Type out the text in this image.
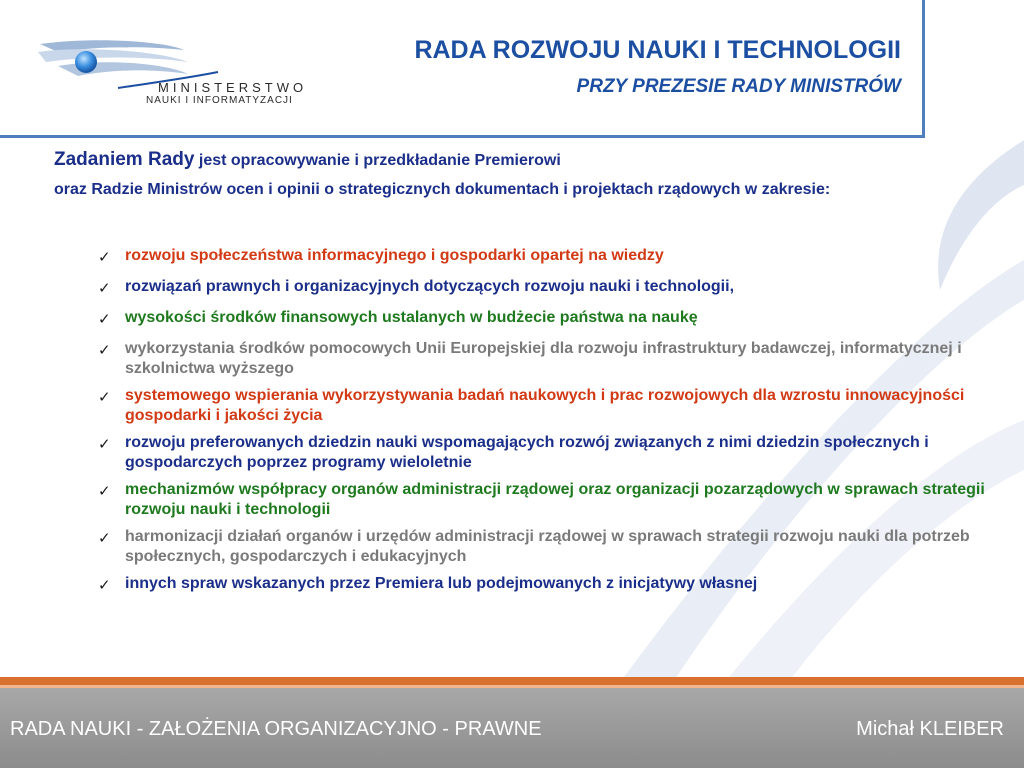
MINISTERSTWO
NAUKI I INFORMATYZACJI
RADA ROZWOJU NAUKI I TECHNOLOGII
PRZY PREZESIE RADY MINISTRÓW
Zadaniem Rady jest opracowywanie i przedkładanie Premierowi
oraz Radzie Ministrów ocen i opinii o strategicznych dokumentach i projektach rządowych w zakresie:
✓ rozwoju społeczeństwa informacyjnego i gospodarki opartej na wiedzy
✓ rozwiązań prawnych i organizacyjnych dotyczących rozwoju nauki i technologii,
✓ wysokości środków finansowych ustalanych w budżecie państwa na naukę
✓ wykorzystania środków pomocowych Unii Europejskiej dla rozwoju infrastruktury badawczej, informatycznej i szkolnictwa wyższego
✓ systemowego wspierania wykorzystywania badań naukowych i prac rozwojowych dla wzrostu innowacyjności gospodarki i jakości życia
✓ rozwoju preferowanych dziedzin nauki wspomagających rozwój związanych z nimi dziedzin społecznych i gospodarczych poprzez programy wieloletnie
✓ mechanizmów współpracy organów administracji rządowej oraz organizacji pozarządowych w sprawach strategii rozwoju nauki i technologii
✓ harmonizacji działań organów i urzędów administracji rządowej w sprawach strategii rozwoju nauki dla potrzeb społecznych, gospodarczych i edukacyjnych
✓ innych spraw wskazanych przez Premiera lub podejmowanych z inicjatywy własnej
RADA NAUKI - ZAŁOŻENIA ORGANIZACYJNO - PRAWNE	Michał KLEIBER
